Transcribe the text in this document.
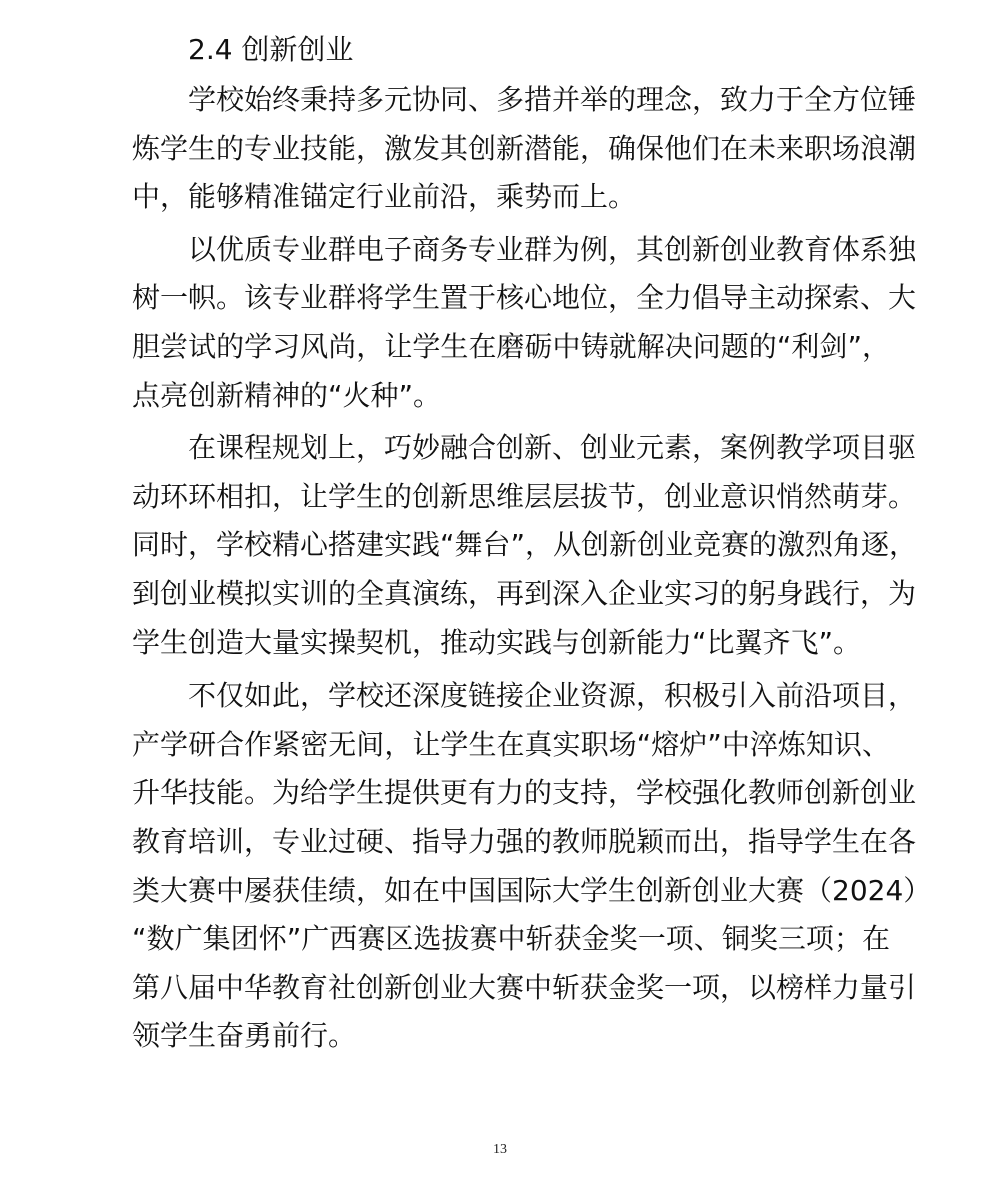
2.4 创新创业
学校始终秉持多元协同、多措并举的理念，致力于全方位锤
炼学生的专业技能，激发其创新潜能，确保他们在未来职场浪潮
中，能够精准锚定行业前沿，乘势而上。
以优质专业群电子商务专业群为例，其创新创业教育体系独
树一帜。该专业群将学生置于核心地位，全力倡导主动探索、大
胆尝试的学习风尚，让学生在磨砺中铸就解决问题的“利剑”，
点亮创新精神的“火种”。
在课程规划上，巧妙融合创新、创业元素，案例教学项目驱
动环环相扣，让学生的创新思维层层拔节，创业意识悄然萌芽。
同时，学校精心搭建实践“舞台”，从创新创业竞赛的激烈角逐，
到创业模拟实训的全真演练，再到深入企业实习的躬身践行，为
学生创造大量实操契机，推动实践与创新能力“比翼齐飞”。
不仅如此，学校还深度链接企业资源，积极引入前沿项目，
产学研合作紧密无间，让学生在真实职场“熔炉”中淬炼知识、
升华技能。为给学生提供更有力的支持，学校强化教师创新创业
教育培训，专业过硬、指导力强的教师脱颖而出，指导学生在各
类大赛中屡获佳绩，如在中国国际大学生创新创业大赛（2024）
“数广集团怀”广西赛区选拔赛中斩获金奖一项、铜奖三项；在
第八届中华教育社创新创业大赛中斩获金奖一项，以榜样力量引
领学生奋勇前行。
13
